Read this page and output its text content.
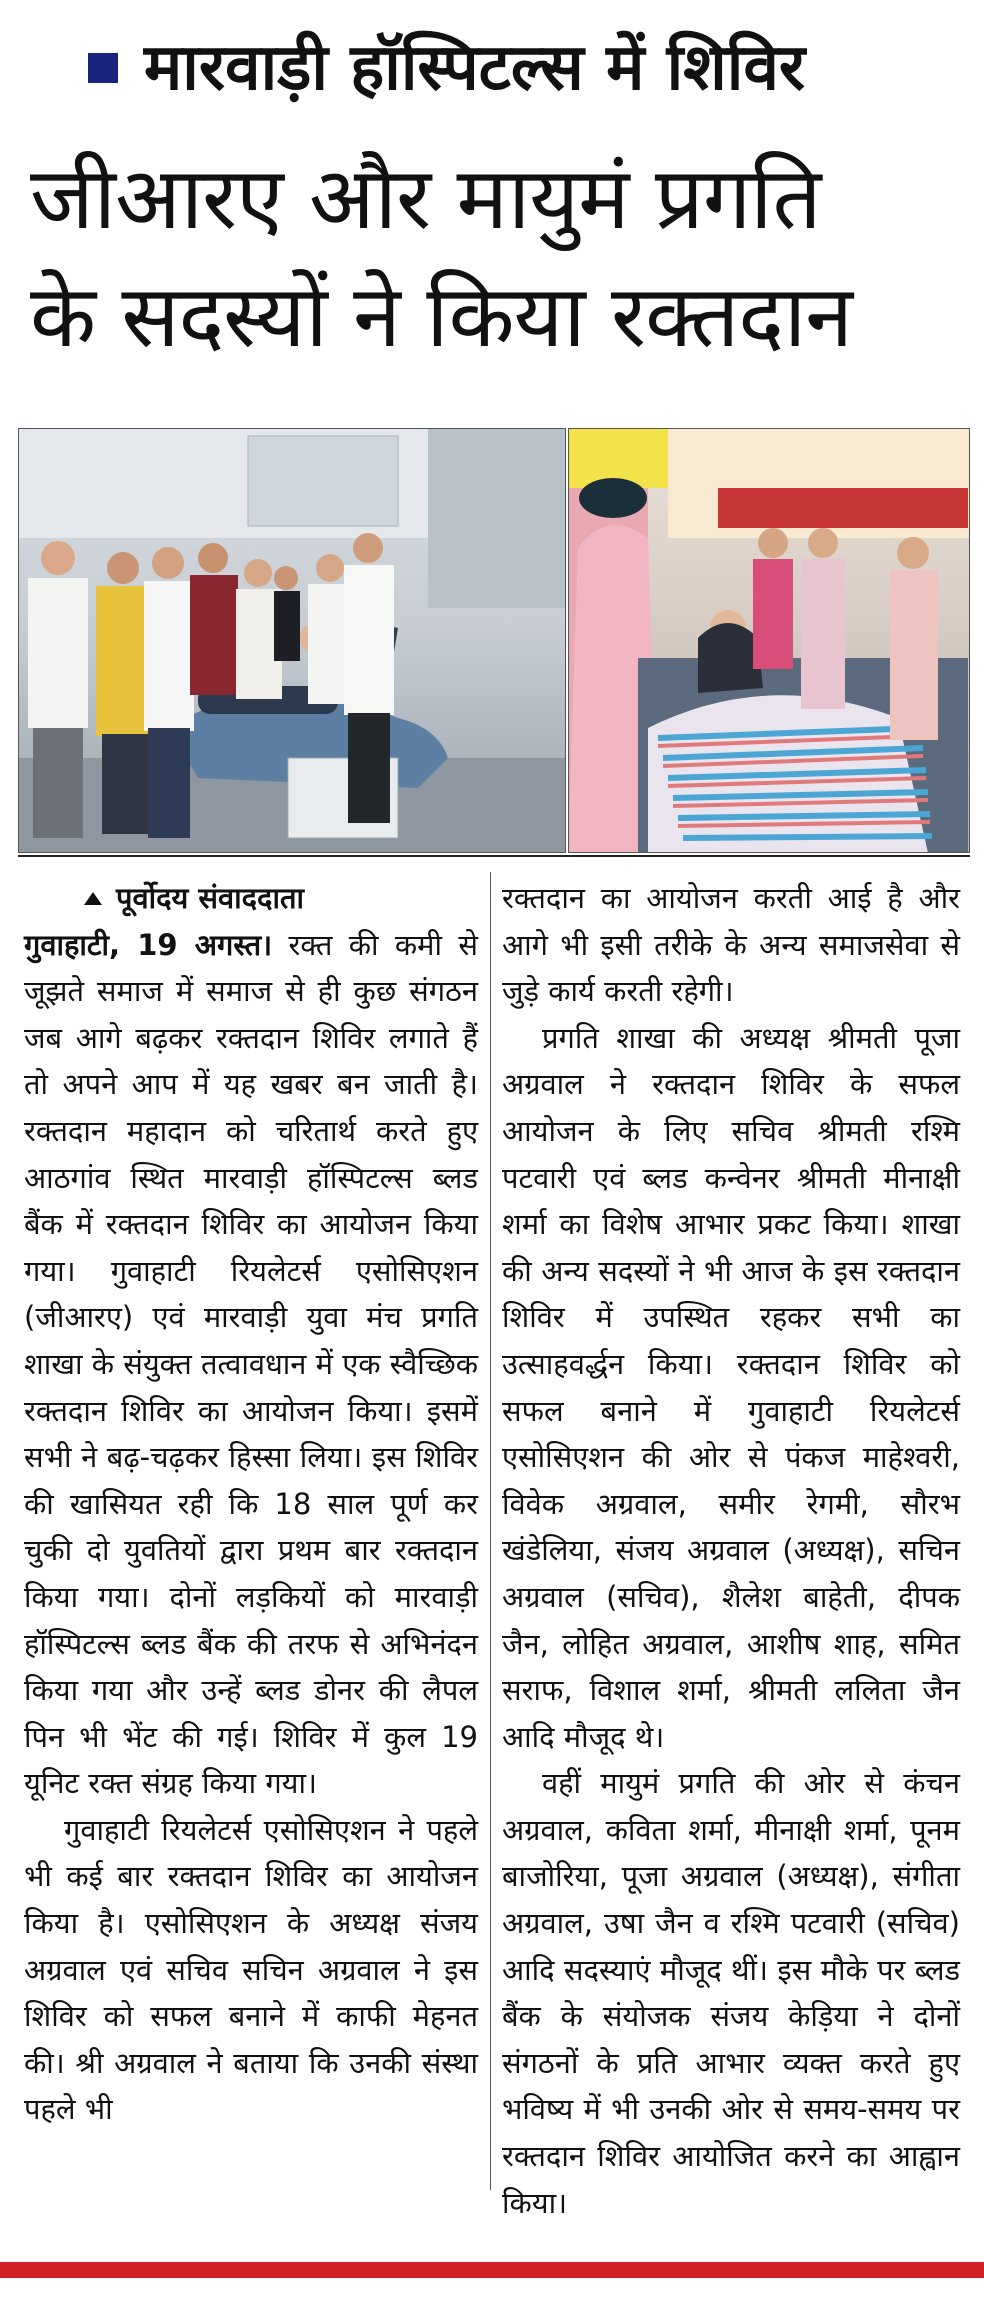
मारवाड़ी हॉस्पिटल्स में शिविर
जीआरए और मायुमं प्रगति
के सदस्यों ने किया रक्तदान
पूर्वोदय संवाददाता

गुवाहाटी, 19 अगस्त। रक्त की कमी से जूझते समाज में समाज से ही कुछ संगठन जब आगे बढ़कर रक्तदान शिविर लगाते हैं तो अपने आप में यह खबर बन जाती है। रक्तदान महादान को चरितार्थ करते हुए आठगांव स्थित मारवाड़ी हॉस्पिटल्स ब्लड बैंक में रक्तदान शिविर का आयोजन किया गया। गुवाहाटी रियलेटर्स एसोसिएशन (जीआरए) एवं मारवाड़ी युवा मंच प्रगति शाखा के संयुक्त तत्वावधान में एक स्वैच्छिक रक्तदान शिविर का आयोजन किया। इसमें सभी ने बढ़-चढ़कर हिस्सा लिया। इस शिविर की खासियत रही कि 18 साल पूर्ण कर चुकी दो युवतियों द्वारा प्रथम बार रक्तदान किया गया। दोनों लड़कियों को मारवाड़ी हॉस्पिटल्स ब्लड बैंक की तरफ से अभिनंदन किया गया और उन्हें ब्लड डोनर की लैपल पिन भी भेंट की गई। शिविर में कुल 19 यूनिट रक्त संग्रह किया गया।

गुवाहाटी रियलेटर्स एसोसिएशन ने पहले भी कई बार रक्तदान शिविर का आयोजन किया है। एसोसिएशन के अध्यक्ष संजय अग्रवाल एवं सचिव सचिन अग्रवाल ने इस शिविर को सफल बनाने में काफी मेहनत की। श्री अग्रवाल ने बताया कि उनकी संस्था पहले भी

रक्तदान का आयोजन करती आई है और आगे भी इसी तरीके के अन्य समाजसेवा से जुड़े कार्य करती रहेगी।

प्रगति शाखा की अध्यक्ष श्रीमती पूजा अग्रवाल ने रक्तदान शिविर के सफल आयोजन के लिए सचिव श्रीमती रश्मि पटवारी एवं ब्लड कन्वेनर श्रीमती मीनाक्षी शर्मा का विशेष आभार प्रकट किया। शाखा की अन्य सदस्यों ने भी आज के इस रक्तदान शिविर में उपस्थित रहकर सभी का उत्साहवर्द्धन किया। रक्तदान शिविर को सफल बनाने में गुवाहाटी रियलेटर्स एसोसिएशन की ओर से पंकज माहेश्वरी, विवेक अग्रवाल, समीर रेगमी, सौरभ खंडेलिया, संजय अग्रवाल (अध्यक्ष), सचिन अग्रवाल (सचिव), शैलेश बाहेती, दीपक जैन, लोहित अग्रवाल, आशीष शाह, समित सराफ, विशाल शर्मा, श्रीमती ललिता जैन आदि मौजूद थे।

वहीं मायुमं प्रगति की ओर से कंचन अग्रवाल, कविता शर्मा, मीनाक्षी शर्मा, पूनम बाजोरिया, पूजा अग्रवाल (अध्यक्ष), संगीता अग्रवाल, उषा जैन व रश्मि पटवारी (सचिव) आदि सदस्याएं मौजूद थीं। इस मौके पर ब्लड बैंक के संयोजक संजय केड़िया ने दोनों संगठनों के प्रति आभार व्यक्त करते हुए भविष्य में भी उनकी ओर से समय-समय पर रक्तदान शिविर आयोजित करने का आह्वान किया।
